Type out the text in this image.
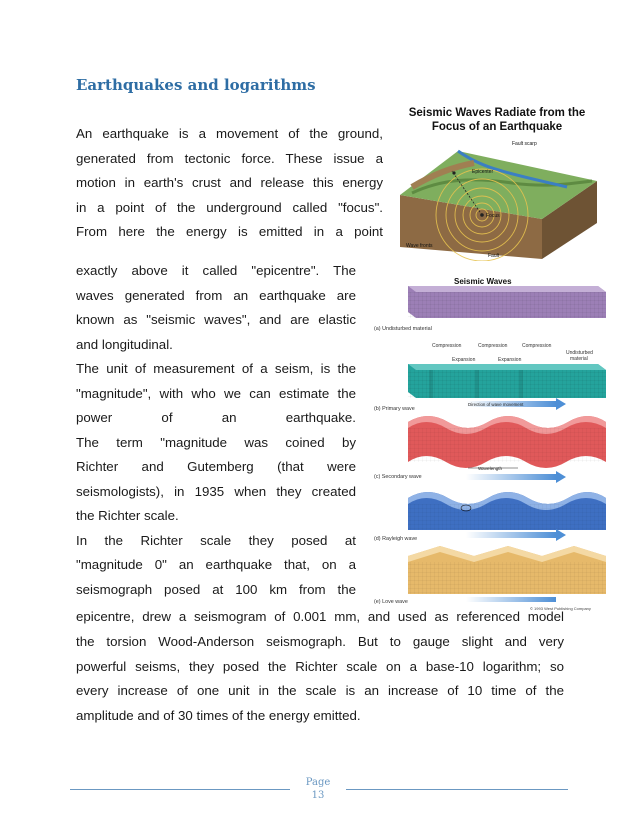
Earthquakes and logarithms
Seismic Waves Radiate from the
Focus of an Earthquake
Fault scarp
Epicenter
Focus
Wave fronts
Fault
An earthquake is a movement of the ground,
generated from tectonic force. These issue a
motion in earth's crust and release this energy
in a point of the underground called "focus".
From here the energy is emitted in a point
exactly above it called "epicentre". The
waves generated from an earthquake are
known as "seismic waves", and are elastic
and longitudinal.
The unit of measurement of a seism, is the
"magnitude", with who we can estimate the
power of an earthquake.
The term "magnitude was coined by
Richter and Gutemberg (that were
seismologists), in 1935 when they created
the Richter scale.
In the Richter scale they posed at
"magnitude 0" an earthquake that, on a
seismograph posed at 100 km from the
Seismic Waves
(a) Undisturbed material
Compression	Compression	Compression
Expansion	Expansion
Undisturbed
material
Direction of wave movement
(b) Primary wave
Wavelength
(c) Secondary wave
(d) Rayleigh wave
(e) Love wave
© 1993 West Publishing Company
epicentre, drew a seismogram of 0.001 mm, and used as referenced model
the torsion Wood-Anderson seismograph. But to gauge slight and very
powerful seisms, they posed the Richter scale on a base-10 logarithm; so
every increase of one unit in the scale is an increase of 10 time of the
amplitude and of 30 times of the energy emitted.
Page
13
